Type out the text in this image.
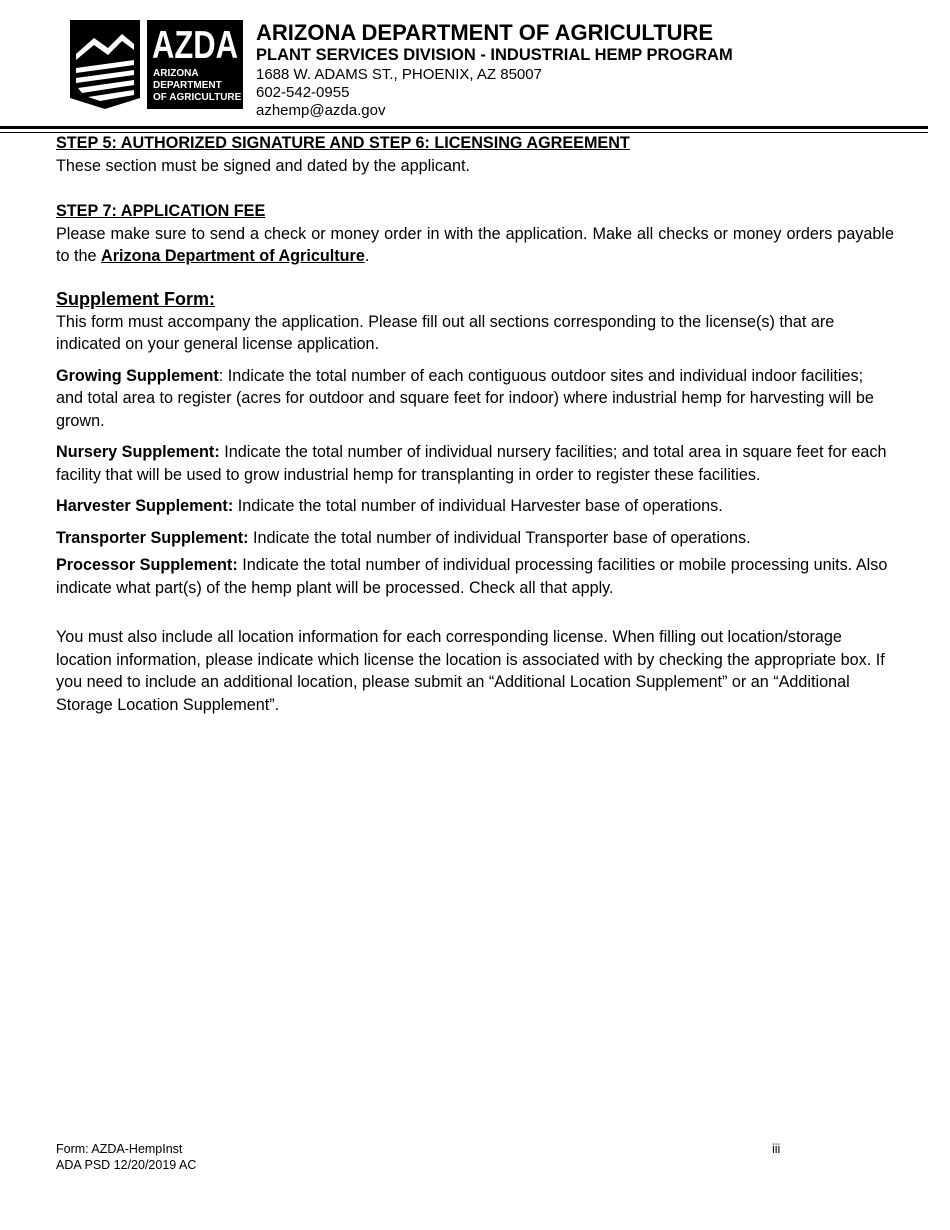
AZDA
ARIZONA
DEPARTMENT
OF AGRICULTURE
ARIZONA DEPARTMENT OF AGRICULTURE
PLANT SERVICES DIVISION - INDUSTRIAL HEMP PROGRAM
1688 W. ADAMS ST., PHOENIX, AZ 85007
602-542-0955
azhemp@azda.gov

STEP 5: AUTHORIZED SIGNATURE AND STEP 6: LICENSING AGREEMENT

These section must be signed and dated by the applicant.

STEP 7: APPLICATION FEE

Please make sure to send a check or money order in with the application. Make all checks or money orders payable to the Arizona Department of Agriculture.

Supplement Form:

This form must accompany the application. Please fill out all sections corresponding to the license(s) that are indicated on your general license application.

Growing Supplement: Indicate the total number of each contiguous outdoor sites and individual indoor facilities; and total area to register (acres for outdoor and square feet for indoor) where industrial hemp for harvesting will be grown.

Nursery Supplement: Indicate the total number of individual nursery facilities; and total area in square feet for each facility that will be used to grow industrial hemp for transplanting in order to register these facilities.

Harvester Supplement: Indicate the total number of individual Harvester base of operations.

Transporter Supplement: Indicate the total number of individual Transporter base of operations.

Processor Supplement: Indicate the total number of individual processing facilities or mobile processing units. Also indicate what part(s) of the hemp plant will be processed. Check all that apply.

You must also include all location information for each corresponding license. When filling out location/storage location information, please indicate which license the location is associated with by checking the appropriate box. If you need to include an additional location, please submit an “Additional Location Supplement” or an “Additional Storage Location Supplement”.

Form: AZDA-HempInst
ADA PSD 12/20/2019 AC
iii
